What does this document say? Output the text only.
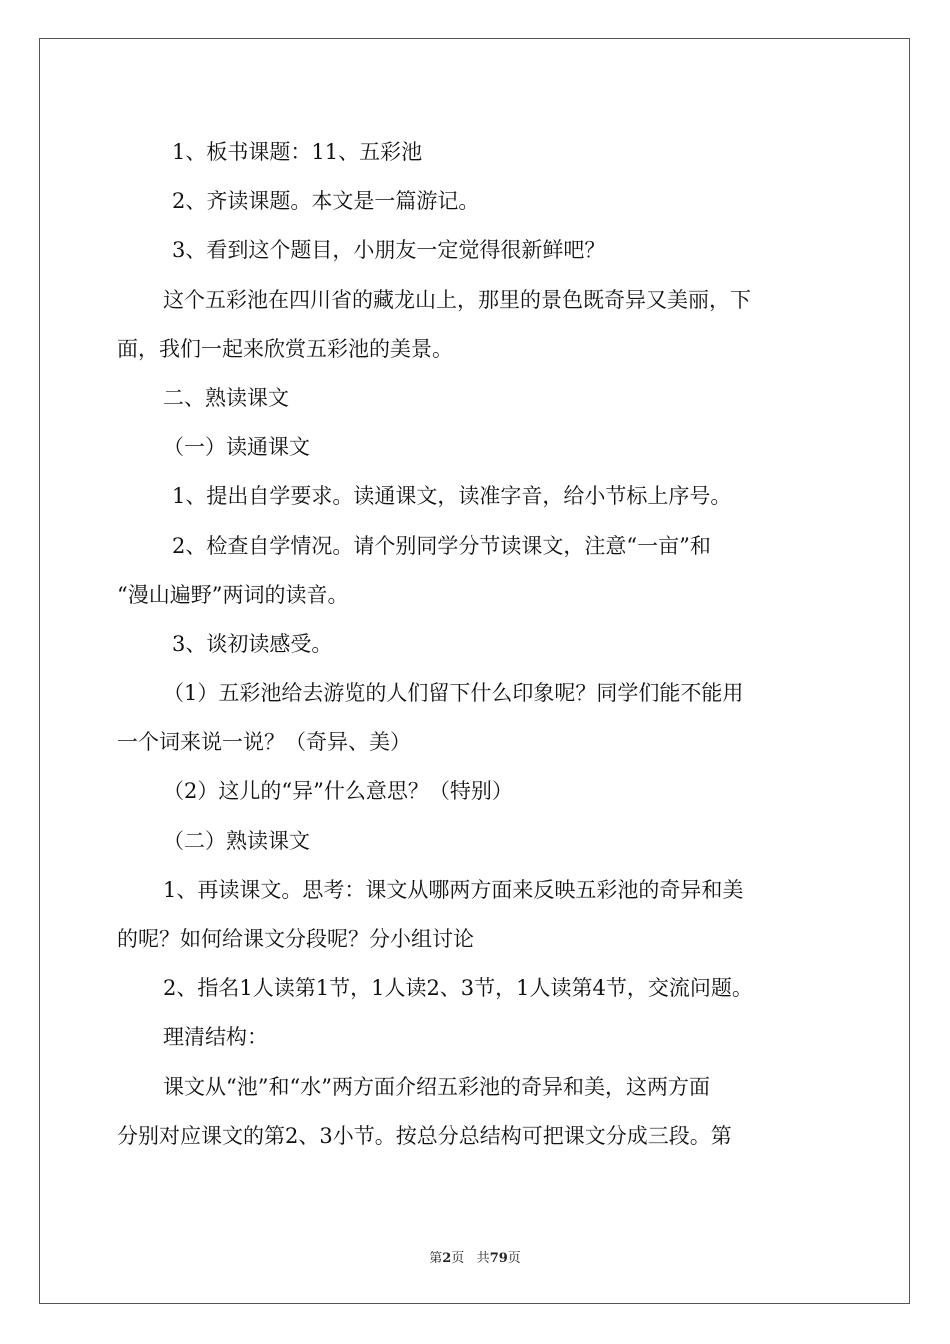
1、板书课题：11、五彩池
2、齐读课题。本文是一篇游记。
3、看到这个题目，小朋友一定觉得很新鲜吧？
这个五彩池在四川省的藏龙山上，那里的景色既奇异又美丽，下
面，我们一起来欣赏五彩池的美景。
二、熟读课文
（一）读通课文
1、提出自学要求。读通课文，读准字音，给小节标上序号。
2、检查自学情况。请个别同学分节读课文，注意“一亩”和
“漫山遍野”两词的读音。
3、谈初读感受。
（1）五彩池给去游览的人们留下什么印象呢？同学们能不能用
一个词来说一说？（奇异、美）
（2）这儿的“异”什么意思？（特别）
（二）熟读课文
1、再读课文。思考：课文从哪两方面来反映五彩池的奇异和美
的呢？如何给课文分段呢？分小组讨论
2、指名1人读第1节，1人读2、3节，1人读第4节，交流问题。
理清结构：
课文从“池”和“水”两方面介绍五彩池的奇异和美，这两方面
分别对应课文的第2、3小节。按总分总结构可把课文分成三段。第
第2页 共79页
